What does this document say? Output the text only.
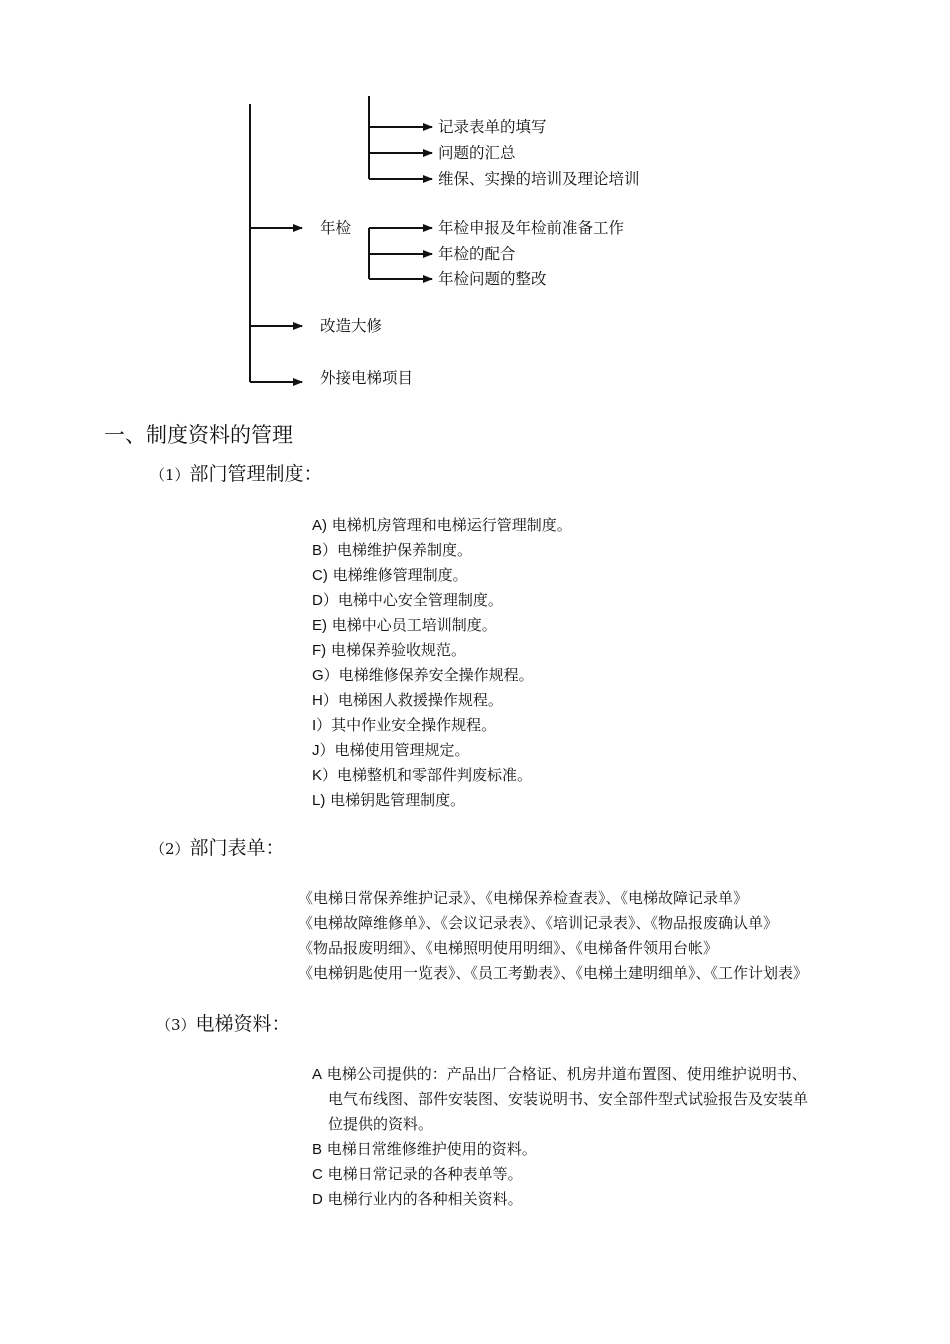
记录表单的填写
问题的汇总
维保、实操的培训及理论培训
年检	年检申报及年检前准备工作
年检的配合
年检问题的整改
改造大修
外接电梯项目
一、制度资料的管理
（1）部门管理制度：
A) 电梯机房管理和电梯运行管理制度。
B）电梯维护保养制度。
C) 电梯维修管理制度。
D）电梯中心安全管理制度。
E) 电梯中心员工培训制度。
F) 电梯保养验收规范。
G）电梯维修保养安全操作规程。
H）电梯困人救援操作规程。
I）其中作业安全操作规程。
J）电梯使用管理规定。
K）电梯整机和零部件判废标准。
L) 电梯钥匙管理制度。
（2）部门表单：
《电梯日常保养维护记录》、《电梯保养检查表》、《电梯故障记录单》
《电梯故障维修单》、《会议记录表》、《培训记录表》、《物品报废确认单》
《物品报废明细》、《电梯照明使用明细》、《电梯备件领用台帐》
《电梯钥匙使用一览表》、《员工考勤表》、《电梯土建明细单》、《工作计划表》
（3）电梯资料：
A 电梯公司提供的：产品出厂合格证、机房井道布置图、使用维护说明书、
电气布线图、部件安装图、安装说明书、安全部件型式试验报告及安装单
位提供的资料。
B 电梯日常维修维护使用的资料。
C 电梯日常记录的各种表单等。
D 电梯行业内的各种相关资料。
